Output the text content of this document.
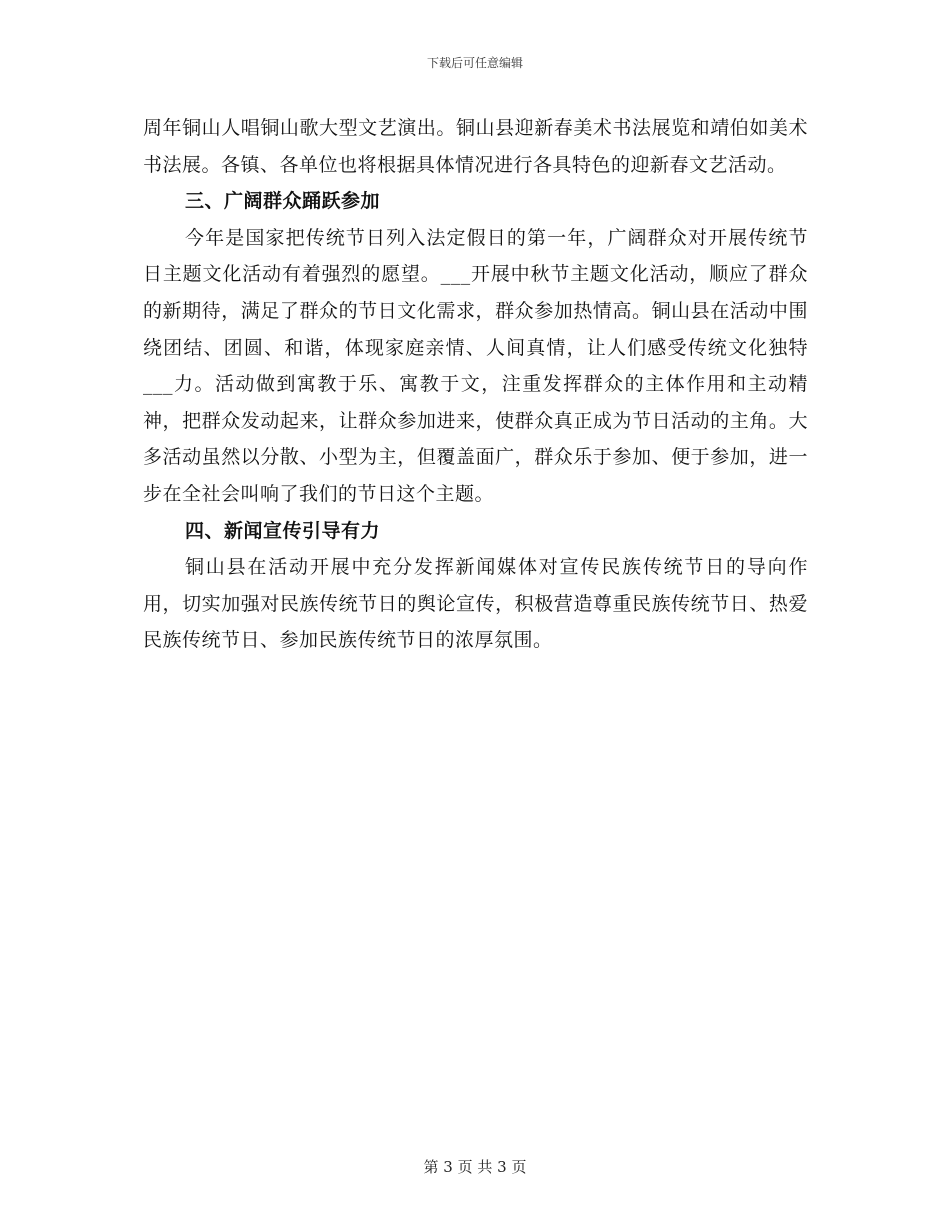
下载后可任意编辑

周年铜山人唱铜山歌大型文艺演出。铜山县迎新春美术书法展览和靖伯如美术书法展。各镇、各单位也将根据具体情况进行各具特色的迎新春文艺活动。

三、广阔群众踊跃参加

今年是国家把传统节日列入法定假日的第一年，广阔群众对开展传统节日主题文化活动有着强烈的愿望。___开展中秋节主题文化活动，顺应了群众的新期待，满足了群众的节日文化需求，群众参加热情高。铜山县在活动中围绕团结、团圆、和谐，体现家庭亲情、人间真情，让人们感受传统文化独特___力。活动做到寓教于乐、寓教于文，注重发挥群众的主体作用和主动精神，把群众发动起来，让群众参加进来，使群众真正成为节日活动的主角。大多活动虽然以分散、小型为主，但覆盖面广，群众乐于参加、便于参加，进一步在全社会叫响了我们的节日这个主题。

四、新闻宣传引导有力

铜山县在活动开展中充分发挥新闻媒体对宣传民族传统节日的导向作用，切实加强对民族传统节日的舆论宣传，积极营造尊重民族传统节日、热爱民族传统节日、参加民族传统节日的浓厚氛围。

第 3 页 共 3 页
